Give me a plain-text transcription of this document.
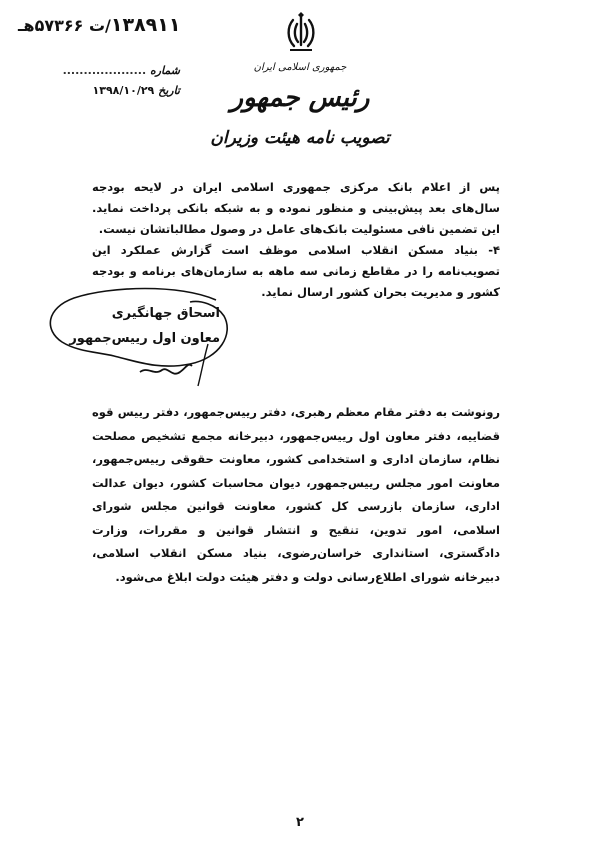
۱۳۸۹۱۱/ت ۵۷۳۶۶هـ
شماره ....................
تاریخ ۱۳۹۸/۱۰/۲۹
جمهوری اسلامی ایران
رئیس جمهور
تصویب نامه هیئت وزیران
پس از اعلام بانک مرکزی جمهوری اسلامی ایران در لایحه بودجه سال‌های بعد پیش‌بینی و منظور نموده و به شبکه بانکی پرداخت نماید. این تضمین نافی مسئولیت بانک‌های عامل در وصول مطالباتشان نیست.
۴- بنیاد مسکن انقلاب اسلامی موظف است گزارش عملکرد این تصویب‌نامه را در مقاطع زمانی سه ماهه به سازمان‌های برنامه و بودجه کشور و مدیریت بحران کشور ارسال نماید.
اسحاق جهانگیری
معاون اول رییس‌جمهور
رونوشت به دفتر مقام معظم رهبری، دفتر رییس‌جمهور، دفتر رییس قوه قضاییه، دفتر معاون اول رییس‌جمهور، دبیرخانه مجمع تشخیص مصلحت نظام، سازمان اداری و استخدامی کشور، معاونت حقوقی رییس‌جمهور، معاونت امور مجلس رییس‌جمهور، دیوان محاسبات کشور، دیوان عدالت اداری، سازمان بازرسی کل کشور، معاونت قوانین مجلس شورای اسلامی، امور تدوین، تنقیح و انتشار قوانین و مقررات، وزارت دادگستری، استانداری خراسان‌رضوی، بنیاد مسکن انقلاب اسلامی، دبیرخانه شورای اطلاع‌رسانی دولت و دفتر هیئت دولت ابلاغ می‌شود.
۲
